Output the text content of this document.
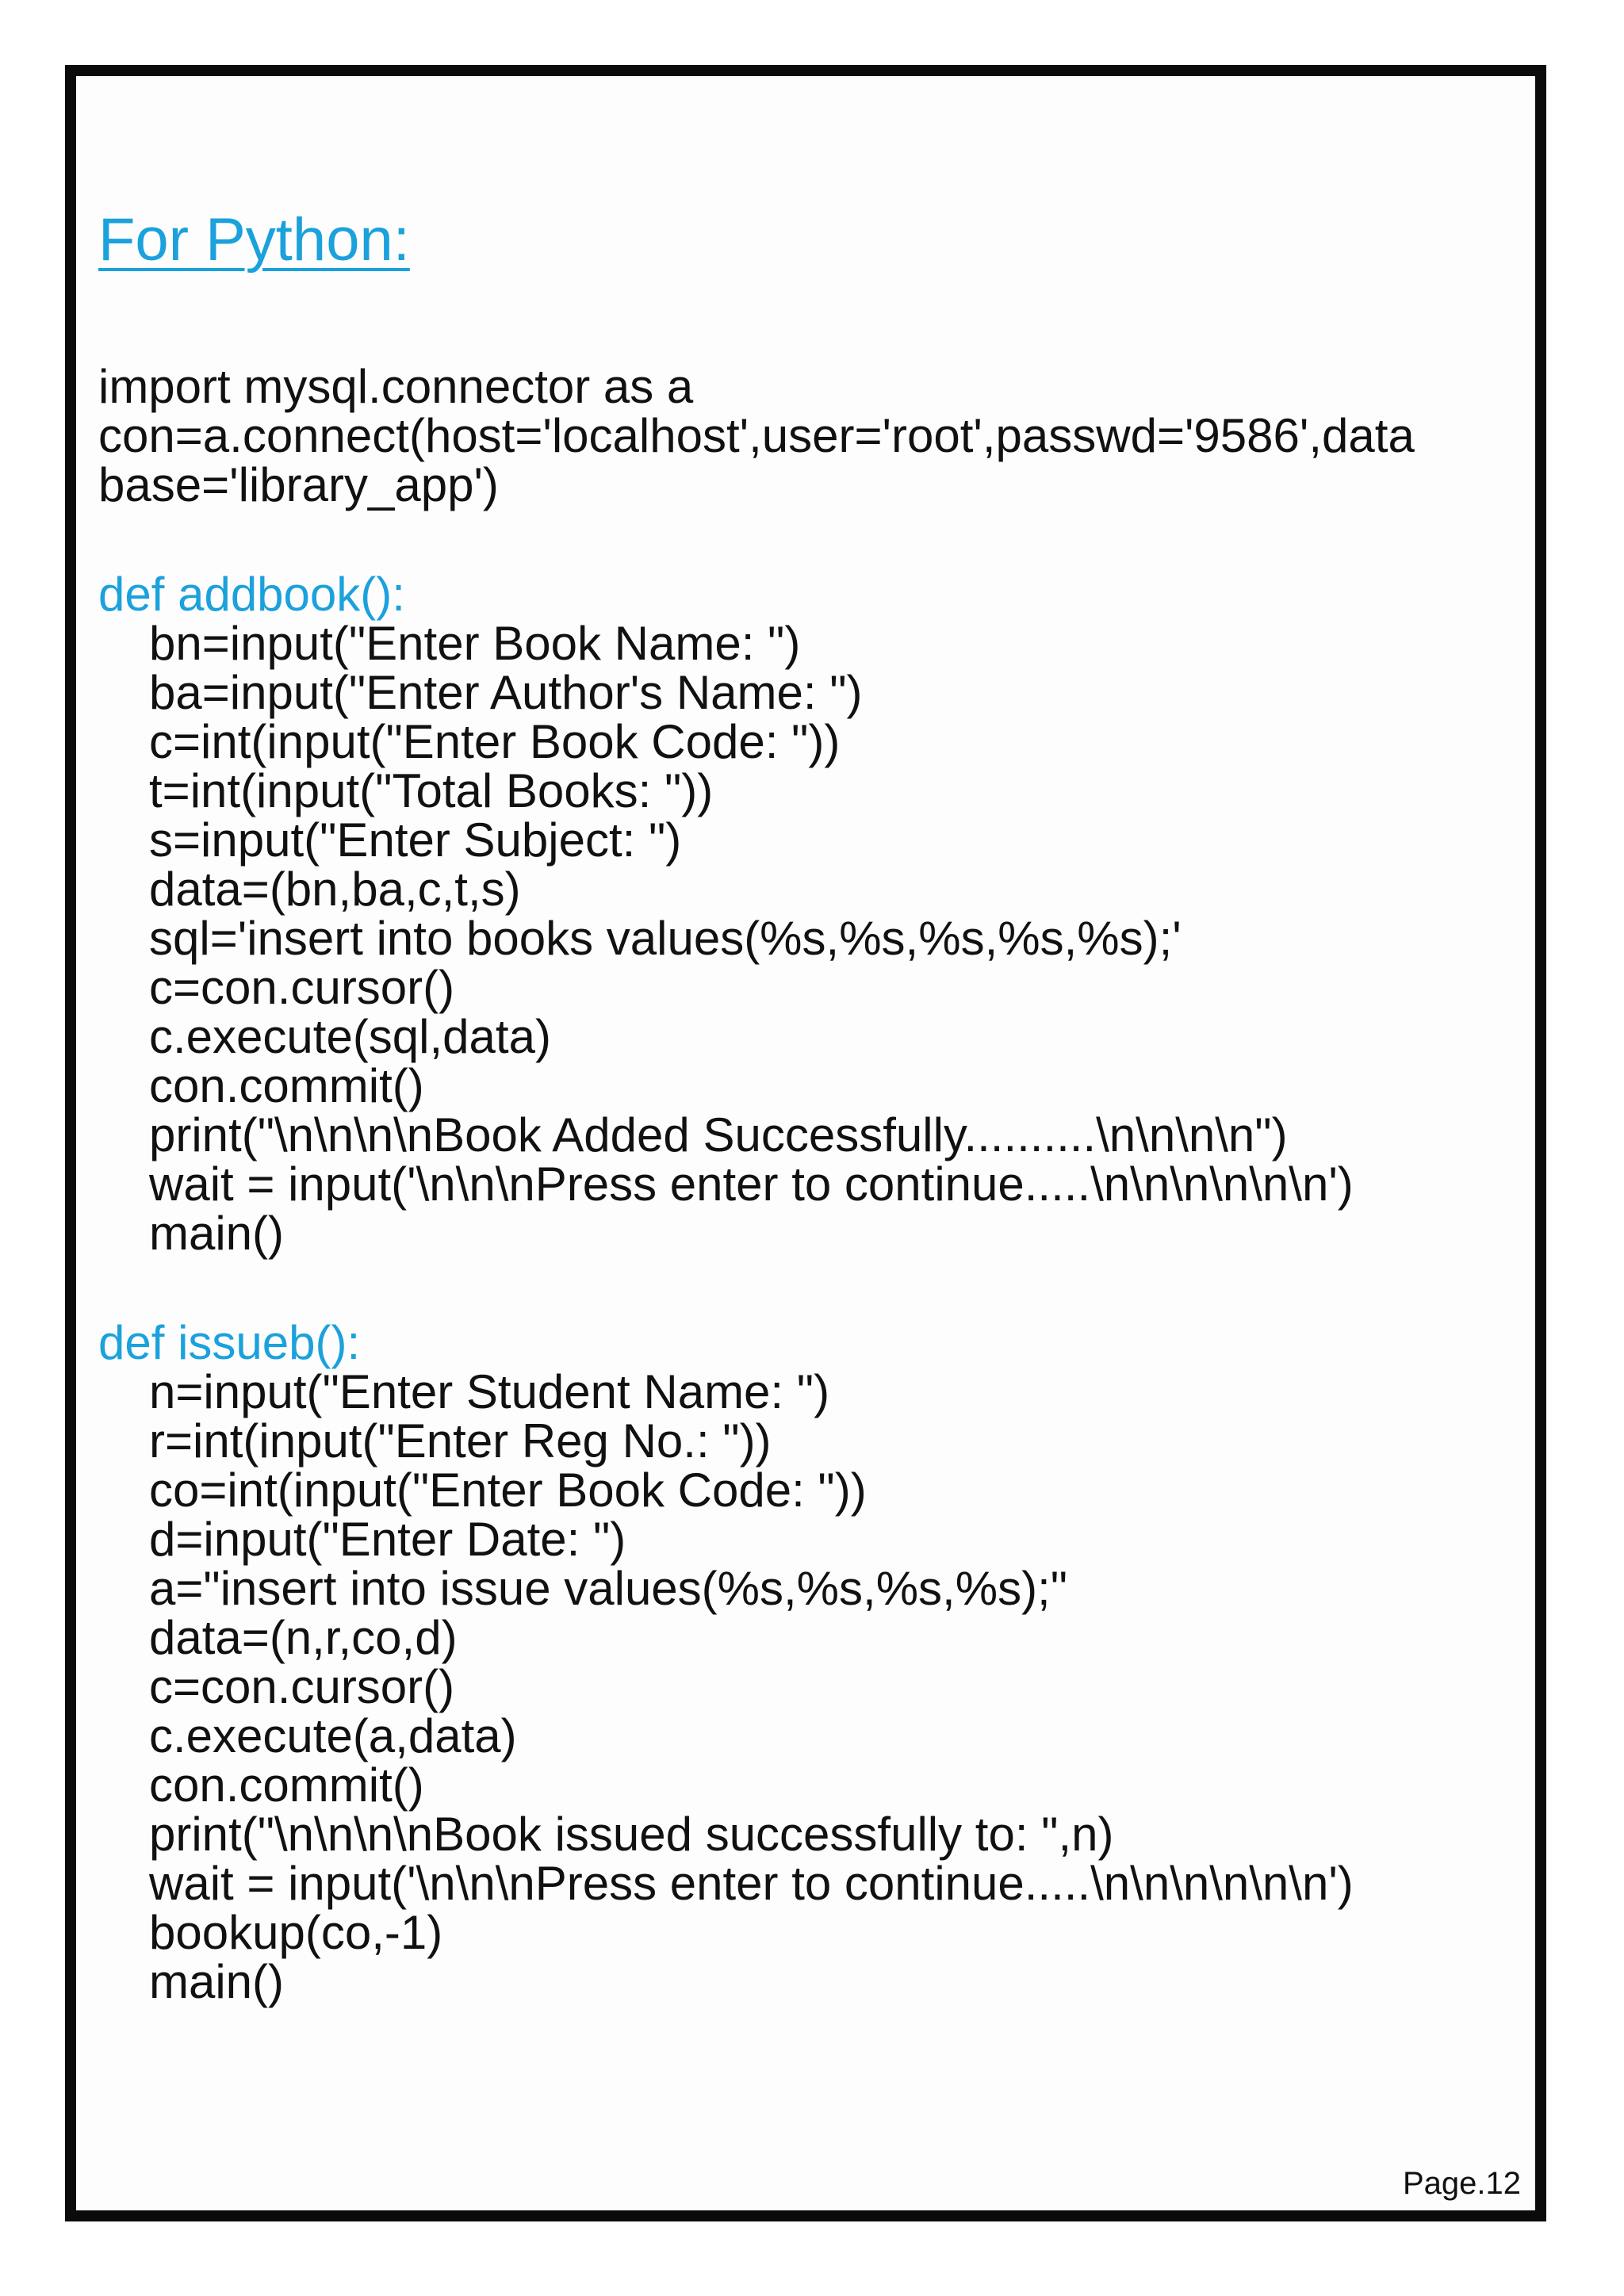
For Python:
import mysql.connector as a
con=a.connect(host='localhost',user='root',passwd='9586',data
base='library_app')
def addbook():
bn=input("Enter Book Name: ")
ba=input("Enter Author's Name: ")
c=int(input("Enter Book Code: "))
t=int(input("Total Books: "))
s=input("Enter Subject: ")
data=(bn,ba,c,t,s)
sql='insert into books values(%s,%s,%s,%s,%s);'
c=con.cursor()
c.execute(sql,data)
con.commit()
print("\n\n\n\nBook Added Successfully..........\n\n\n\n")
wait = input('\n\n\nPress enter to continue.....\n\n\n\n\n\n')
main()
def issueb():
n=input("Enter Student Name: ")
r=int(input("Enter Reg No.: "))
co=int(input("Enter Book Code: "))
d=input("Enter Date: ")
a="insert into issue values(%s,%s,%s,%s);"
data=(n,r,co,d)
c=con.cursor()
c.execute(a,data)
con.commit()
print("\n\n\n\nBook issued successfully to: ",n)
wait = input('\n\n\nPress enter to continue.....\n\n\n\n\n\n')
bookup(co,-1)
main()
Page.12
